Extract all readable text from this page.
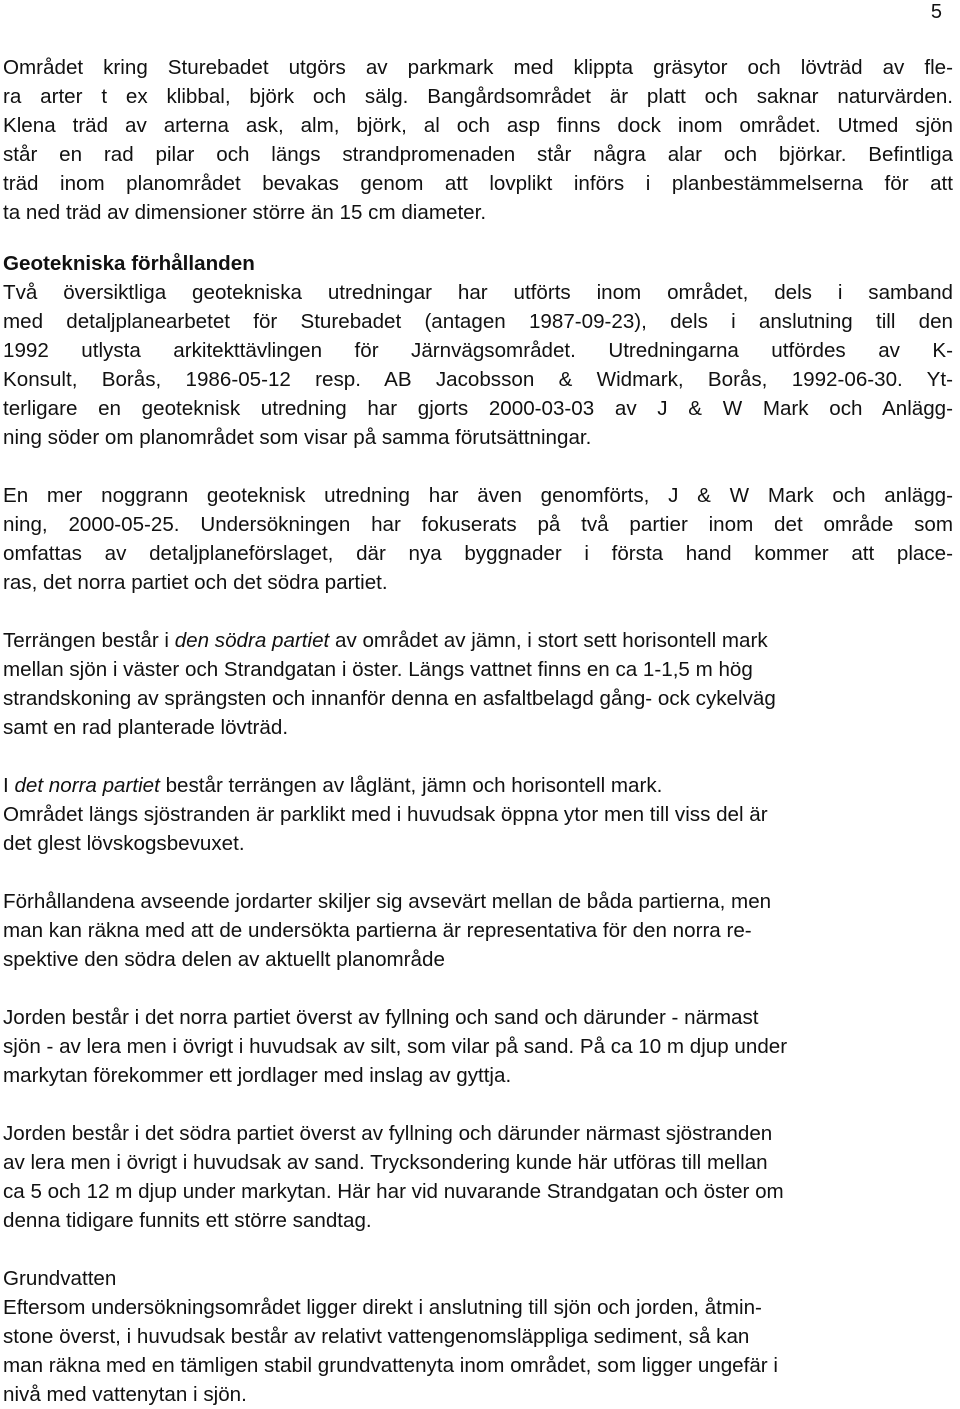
5

Området kring Sturebadet utgörs av parkmark med klippta gräsytor och lövträd av fle-
ra arter t ex klibbal, björk och sälg. Bangårdsområdet är platt och saknar naturvärden.
Klena träd av arterna ask, alm, björk, al och asp finns dock inom området. Utmed sjön
står en rad pilar och längs strandpromenaden står några alar och björkar. Befintliga
träd inom planområdet bevakas genom att lovplikt införs i planbestämmelserna för att
ta ned träd av dimensioner större än 15 cm diameter.

Geotekniska förhållanden

Två översiktliga geotekniska utredningar har utförts inom området, dels i samband
med detaljplanearbetet för Sturebadet (antagen 1987-09-23), dels i anslutning till den
1992 utlysta arkitekttävlingen för Järnvägsområdet. Utredningarna utfördes av K-
Konsult, Borås, 1986-05-12 resp. AB Jacobsson & Widmark, Borås, 1992-06-30. Yt-
terligare en geoteknisk utredning har gjorts 2000-03-03 av J & W Mark och Anlägg-
ning söder om planområdet som visar på samma förutsättningar.

En mer noggrann geoteknisk utredning har även genomförts, J & W Mark och anlägg-
ning, 2000-05-25. Undersökningen har fokuserats på två partier inom det område som
omfattas av detaljplaneförslaget, där nya byggnader i första hand kommer att place-
ras, det norra partiet och det södra partiet.

Terrängen består i den södra partiet av området av jämn, i stort sett horisontell mark
mellan sjön i väster och Strandgatan i öster. Längs vattnet finns en ca 1-1,5 m hög
strandskoning av sprängsten och innanför denna en asfaltbelagd gång- ock cykelväg
samt en rad planterade lövträd.

I det norra partiet består terrängen av låglänt, jämn och horisontell mark.
Området längs sjöstranden är parklikt med i huvudsak öppna ytor men till viss del är
det glest lövskogsbevuxet.

Förhållandena avseende jordarter skiljer sig avsevärt mellan de båda partierna, men
man kan räkna med att de undersökta partierna är representativa för den norra re-
spektive den södra delen av aktuellt planområde

Jorden består i det norra partiet överst av fyllning och sand och därunder - närmast
sjön - av lera men i övrigt i huvudsak av silt, som vilar på sand. På ca 10 m djup under
markytan förekommer ett jordlager med inslag av gyttja.

Jorden består i det södra partiet överst av fyllning och därunder närmast sjöstranden
av lera men i övrigt i huvudsak av sand. Trycksondering kunde här utföras till mellan
ca 5 och 12 m djup under markytan. Här har vid nuvarande Strandgatan och öster om
denna tidigare funnits ett större sandtag.

Grundvatten

Eftersom undersökningsområdet ligger direkt i anslutning till sjön och jorden, åtmin-
stone överst, i huvudsak består av relativt vattengenomsläppliga sediment, så kan
man räkna med en tämligen stabil grundvattenyta inom området, som ligger ungefär i
nivå med vattenytan i sjön.
